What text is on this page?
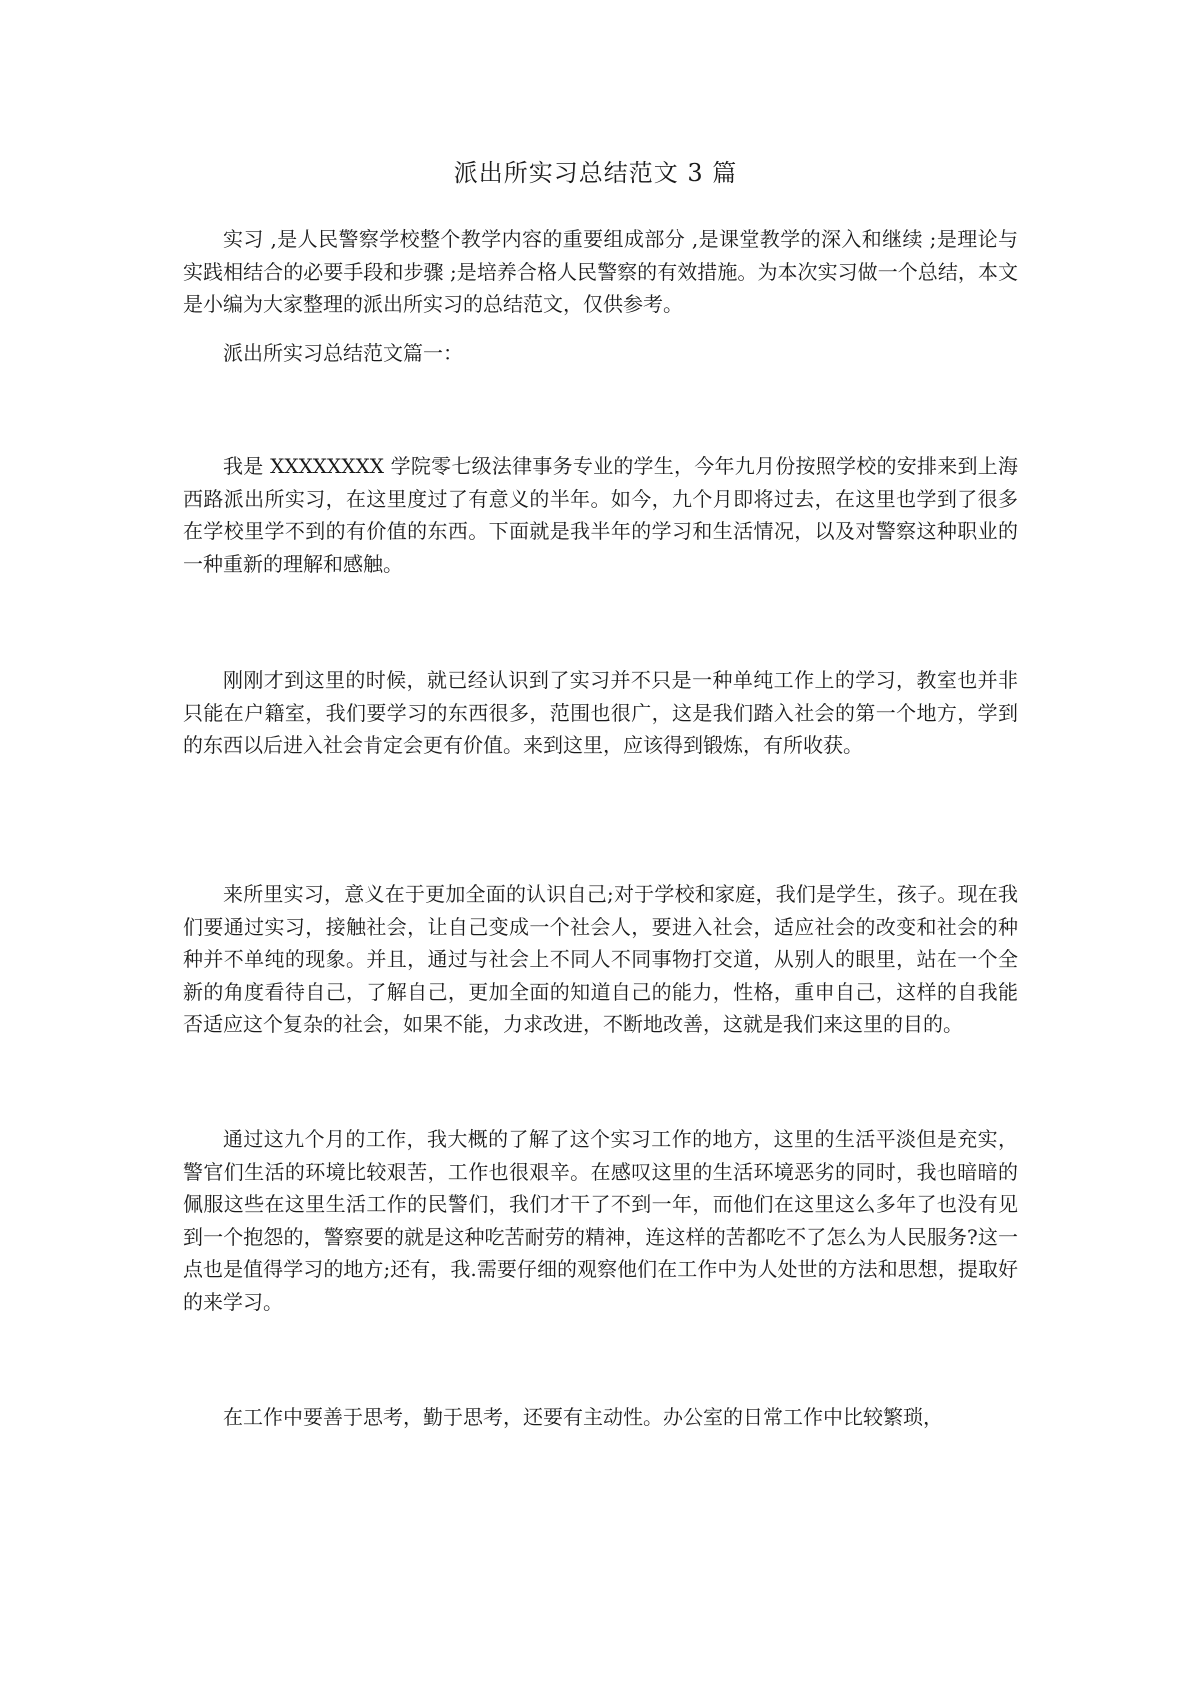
派出所实习总结范文 3 篇

实习 ,是人民警察学校整个教学内容的重要组成部分 ,是课堂教学的深入和继续 ;是理论与实践相结合的必要手段和步骤 ;是培养合格人民警察的有效措施。为本次实习做一个总结，本文是小编为大家整理的派出所实习的总结范文，仅供参考。

派出所实习总结范文篇一：

我是 XXXXXXXX 学院零七级法律事务专业的学生，今年九月份按照学校的安排来到上海西路派出所实习，在这里度过了有意义的半年。如今，九个月即将过去，在这里也学到了很多在学校里学不到的有价值的东西。下面就是我半年的学习和生活情况，以及对警察这种职业的一种重新的理解和感触。

刚刚才到这里的时候，就已经认识到了实习并不只是一种单纯工作上的学习，教室也并非只能在户籍室，我们要学习的东西很多，范围也很广，这是我们踏入社会的第一个地方，学到的东西以后进入社会肯定会更有价值。来到这里，应该得到锻炼，有所收获。

来所里实习，意义在于更加全面的认识自己;对于学校和家庭，我们是学生，孩子。现在我们要通过实习，接触社会，让自己变成一个社会人，要进入社会，适应社会的改变和社会的种种并不单纯的现象。并且，通过与社会上不同人不同事物打交道，从别人的眼里，站在一个全新的角度看待自己，了解自己，更加全面的知道自己的能力，性格，重申自己，这样的自我能否适应这个复杂的社会，如果不能，力求改进，不断地改善，这就是我们来这里的目的。

通过这九个月的工作，我大概的了解了这个实习工作的地方，这里的生活平淡但是充实，警官们生活的环境比较艰苦，工作也很艰辛。在感叹这里的生活环境恶劣的同时，我也暗暗的佩服这些在这里生活工作的民警们，我们才干了不到一年，而他们在这里这么多年了也没有见到一个抱怨的，警察要的就是这种吃苦耐劳的精神，连这样的苦都吃不了怎么为人民服务?这一点也是值得学习的地方;还有，我.需要仔细的观察他们在工作中为人处世的方法和思想，提取好的来学习。

在工作中要善于思考，勤于思考，还要有主动性。办公室的日常工作中比较繁琐，
